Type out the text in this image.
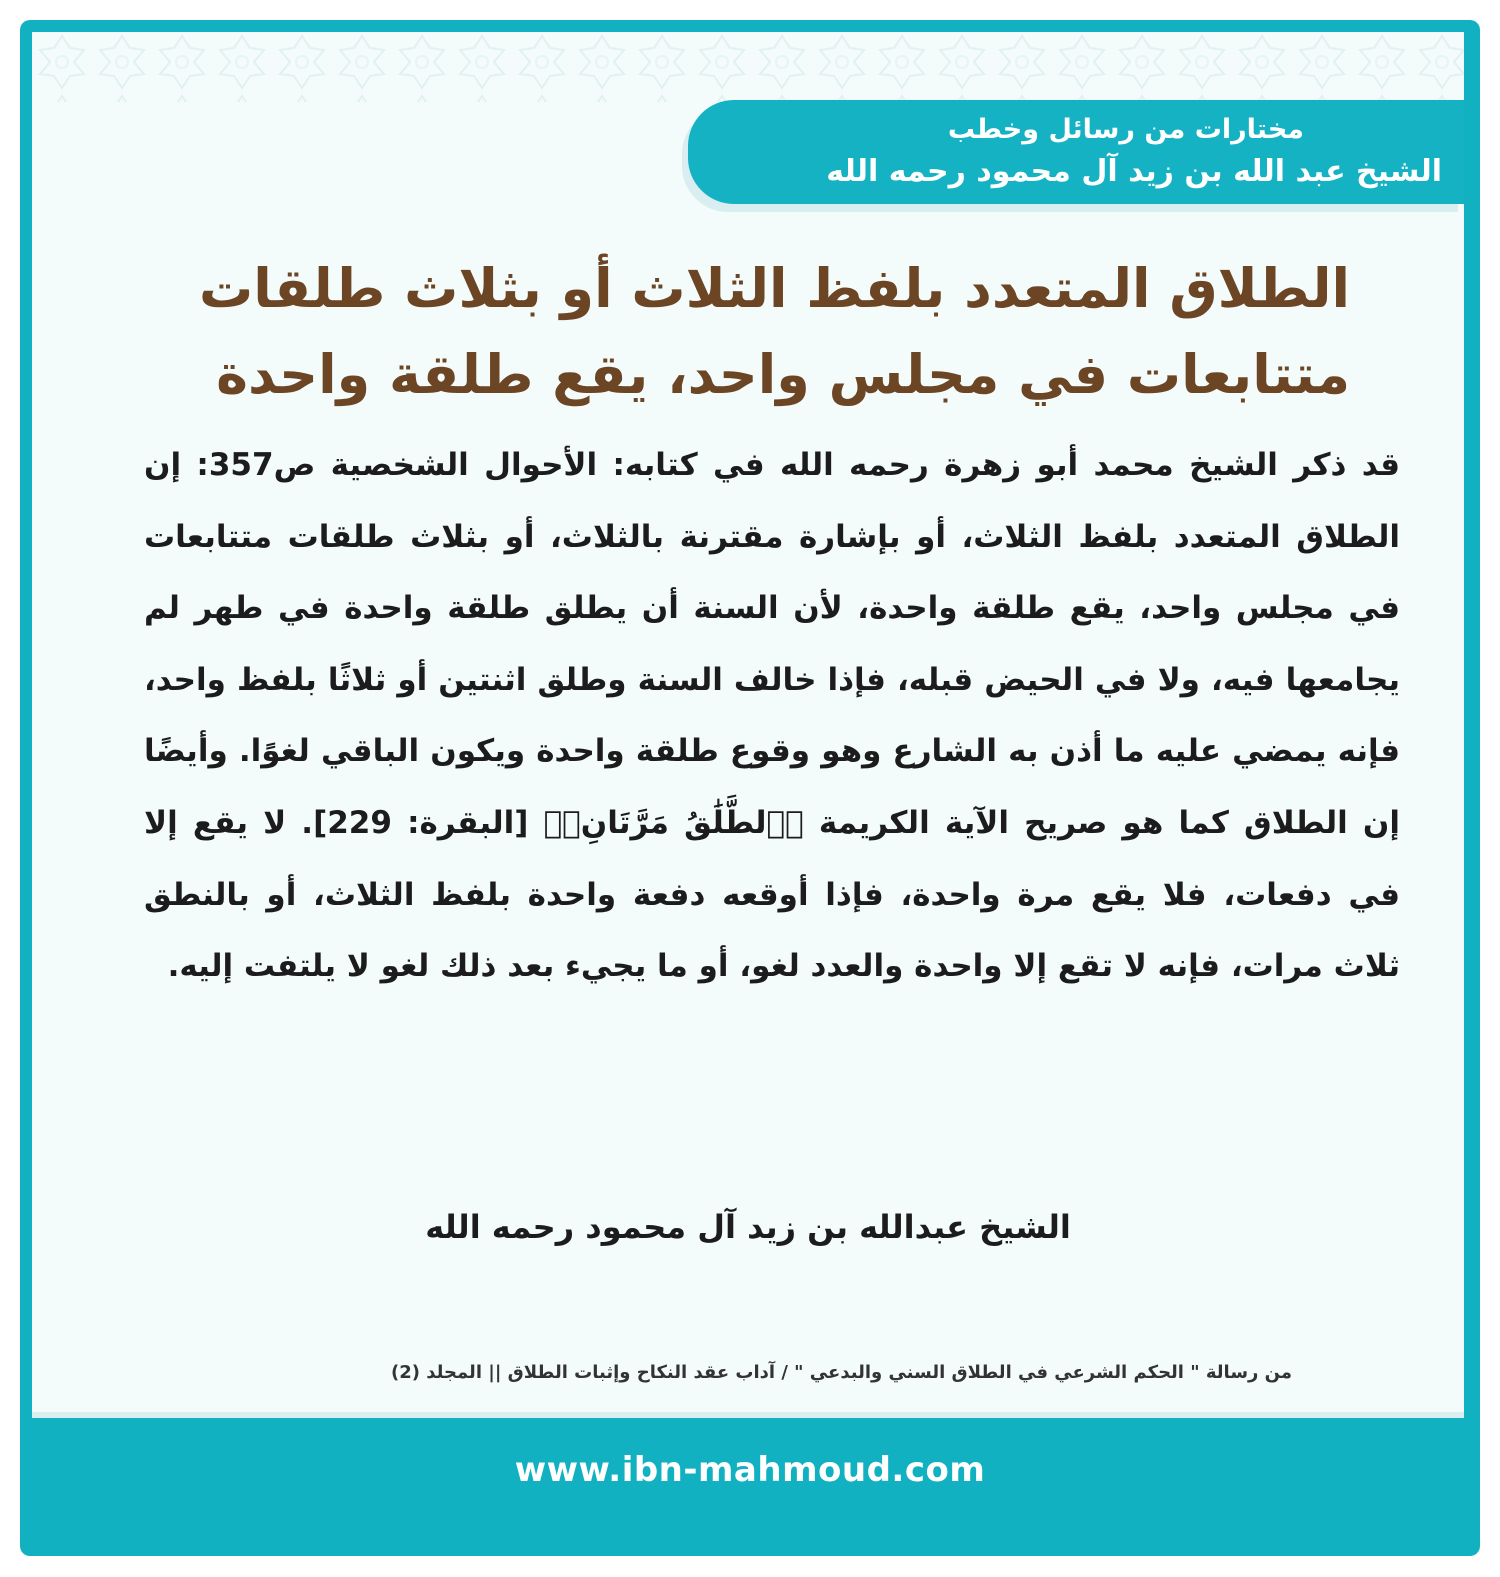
مختارات من رسائل وخطب
الشيخ عبد الله بن زيد آل محمود رحمه الله
الطلاق المتعدد بلفظ الثلاث أو بثلاث طلقات
متتابعات في مجلس واحد، يقع طلقة واحدة

قد ذكر الشيخ محمد أبو زهرة رحمه الله في كتابه: الأحوال الشخصية ص357: إن الطلاق المتعدد بلفظ الثلاث، أو بإشارة مقترنة بالثلاث، أو بثلاث طلقات متتابعات في مجلس واحد، يقع طلقة واحدة، لأن السنة أن يطلق طلقة واحدة في طهر لم يجامعها فيه، ولا في الحيض قبله، فإذا خالف السنة وطلق اثنتين أو ثلاثًا بلفظ واحد، فإنه يمضي عليه ما أذن به الشارع وهو وقوع طلقة واحدة ويكون الباقي لغوًا. وأيضًا إن الطلاق كما هو صريح الآية الكريمة ﴿ٱلطَّلَٰقُ مَرَّتَانِۖ﴾ [البقرة: 229]. لا يقع إلا في دفعات، فلا يقع مرة واحدة، فإذا أوقعه دفعة واحدة بلفظ الثلاث، أو بالنطق ثلاث مرات، فإنه لا تقع إلا واحدة والعدد لغو، أو ما يجيء بعد ذلك لغو لا يلتفت إليه.

الشيخ عبدالله بن زيد آل محمود رحمه الله
من رسالة " الحكم الشرعي في الطلاق السني والبدعي " / آداب عقد النكاح وإثبات الطلاق || المجلد (2)
www.ibn-mahmoud.com
